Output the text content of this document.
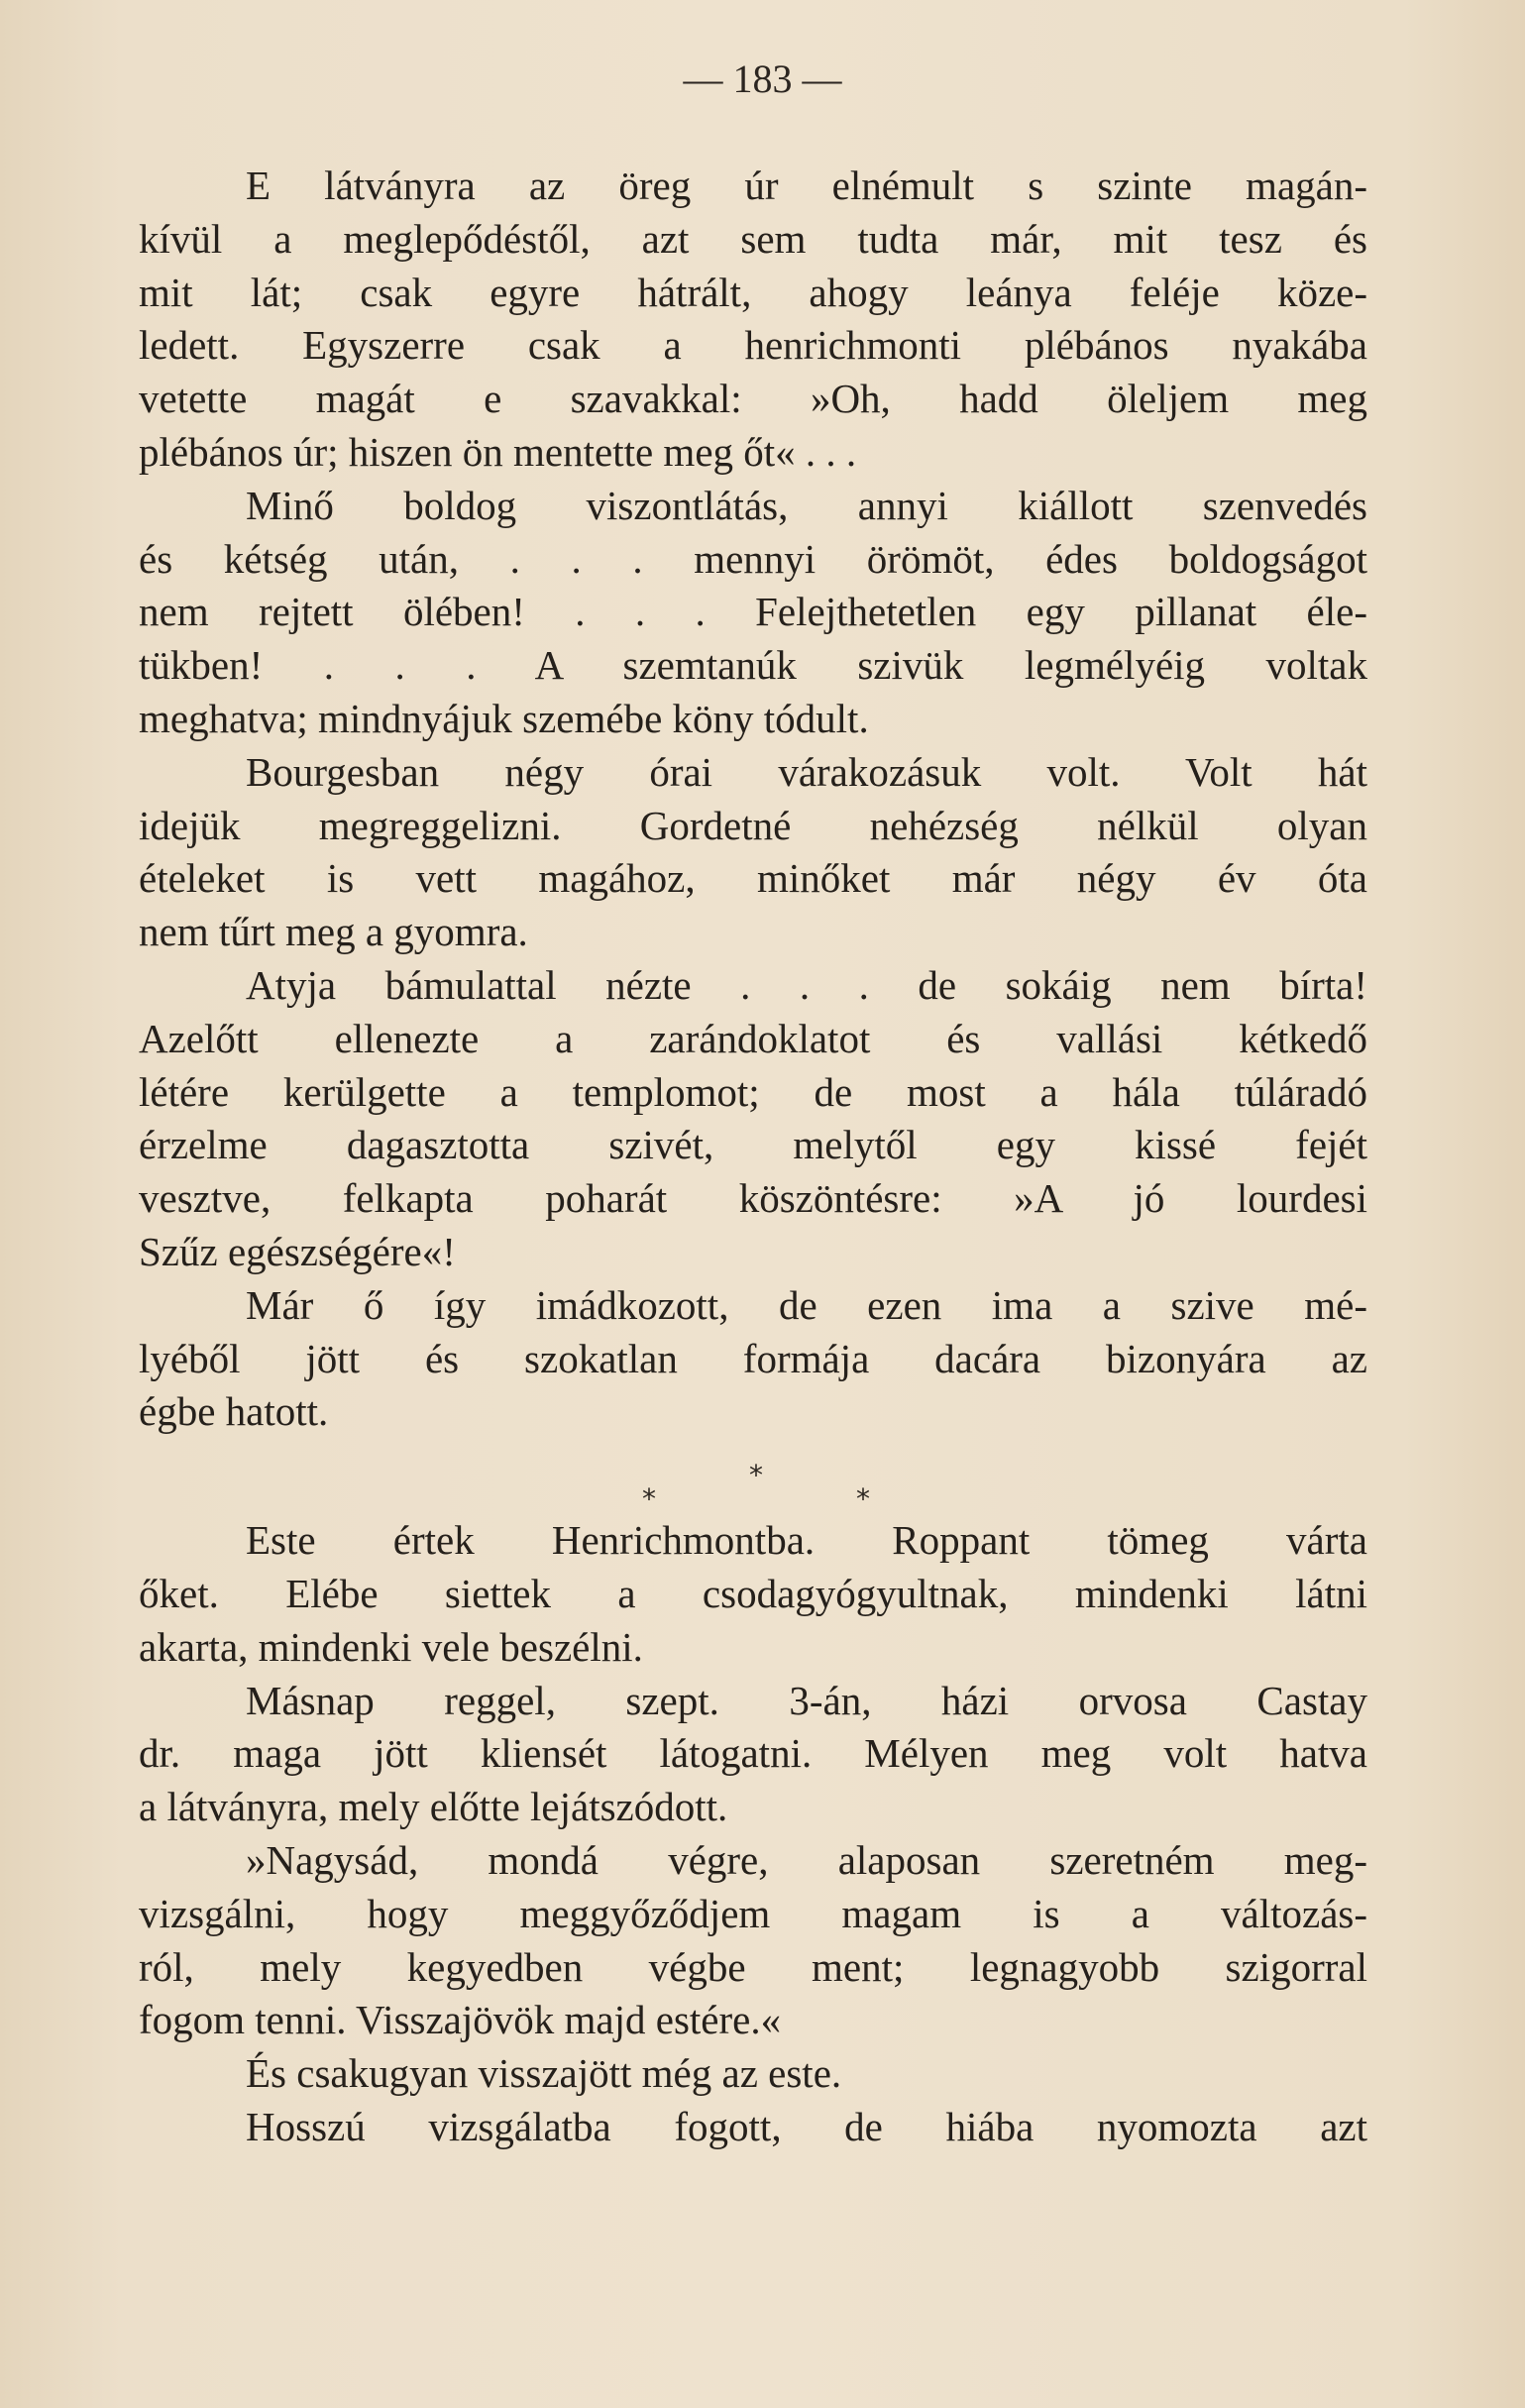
— 183 —
E látványra az öreg úr elnémult s szinte magán-
kívül a meglepődéstől, azt sem tudta már, mit tesz és
mit lát; csak egyre hátrált, ahogy leánya feléje köze-
ledett. Egyszerre csak a henrichmonti plébános nyakába
vetette magát e szavakkal: »Oh, hadd öleljem meg
plébános úr; hiszen ön mentette meg őt« . . .
Minő boldog viszontlátás, annyi kiállott szenvedés
és kétség után, . . . mennyi örömöt, édes boldogságot
nem rejtett ölében! . . . Felejthetetlen egy pillanat éle-
tükben! . . . A szemtanúk szivük legmélyéig voltak
meghatva; mindnyájuk szemébe köny tódult.
Bourgesban négy órai várakozásuk volt. Volt hát
idejük megreggelizni. Gordetné nehézség nélkül olyan
ételeket is vett magához, minőket már négy év óta
nem tűrt meg a gyomra.
Atyja bámulattal nézte . . . de sokáig nem bírta!
Azelőtt ellenezte a zarándoklatot és vallási kétkedő
létére kerülgette a templomot; de most a hála túláradó
érzelme dagasztotta szivét, melytől egy kissé fejét
vesztve, felkapta poharát köszöntésre: »A jó lourdesi
Szűz egészségére«!
Már ő így imádkozott, de ezen ima a szive mé-
lyéből jött és szokatlan formája dacára bizonyára az
égbe hatott.
*
*
*
Este értek Henrichmontba. Roppant tömeg várta
őket. Elébe siettek a csodagyógyultnak, mindenki látni
akarta, mindenki vele beszélni.
Másnap reggel, szept. 3-án, házi orvosa Castay
dr. maga jött kliensét látogatni. Mélyen meg volt hatva
a látványra, mely előtte lejátszódott.
»Nagysád, mondá végre, alaposan szeretném meg-
vizsgálni, hogy meggyőződjem magam is a változás-
ról, mely kegyedben végbe ment; legnagyobb szigorral
fogom tenni. Visszajövök majd estére.«
És csakugyan visszajött még az este.
Hosszú vizsgálatba fogott, de hiába nyomozta azt
